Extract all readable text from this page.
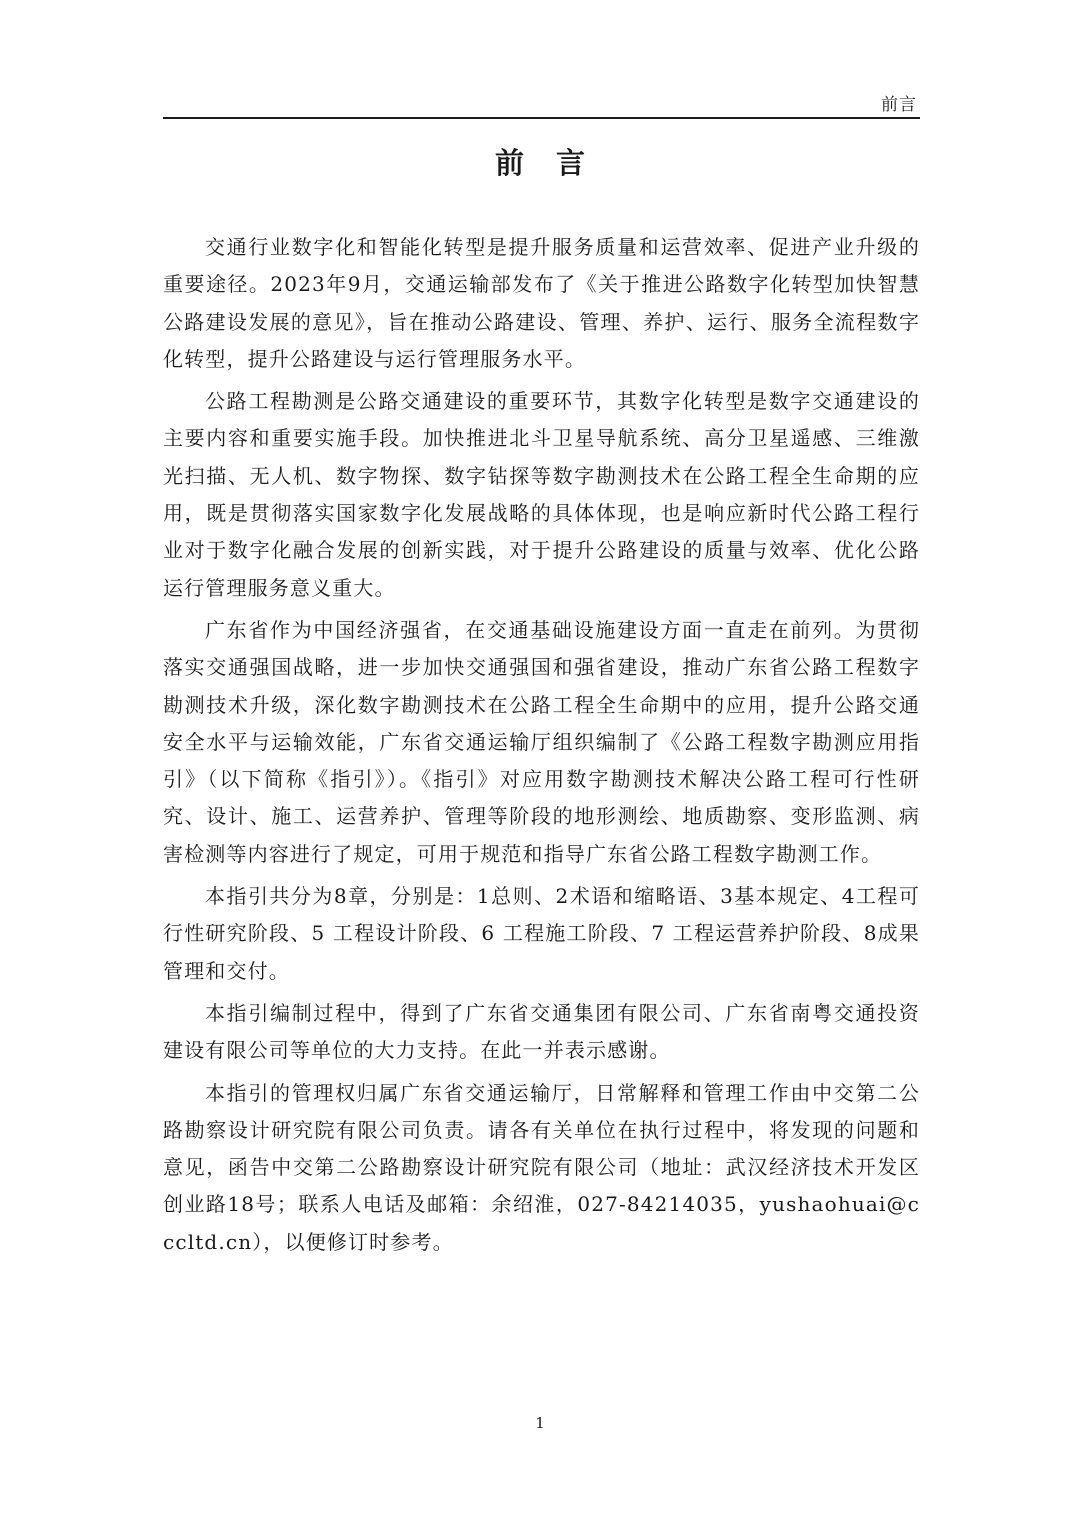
前言
前言

交通行业数字化和智能化转型是提升服务质量和运营效率、促进产业升级的重要途径。2023年9月，交通运输部发布了《关于推进公路数字化转型加快智慧公路建设发展的意见》，旨在推动公路建设、管理、养护、运行、服务全流程数字化转型，提升公路建设与运行管理服务水平。

公路工程勘测是公路交通建设的重要环节，其数字化转型是数字交通建设的主要内容和重要实施手段。加快推进北斗卫星导航系统、高分卫星遥感、三维激光扫描、无人机、数字物探、数字钻探等数字勘测技术在公路工程全生命期的应用，既是贯彻落实国家数字化发展战略的具体体现，也是响应新时代公路工程行业对于数字化融合发展的创新实践，对于提升公路建设的质量与效率、优化公路运行管理服务意义重大。

广东省作为中国经济强省，在交通基础设施建设方面一直走在前列。为贯彻落实交通强国战略，进一步加快交通强国和强省建设，推动广东省公路工程数字勘测技术升级，深化数字勘测技术在公路工程全生命期中的应用，提升公路交通安全水平与运输效能，广东省交通运输厅组织编制了《公路工程数字勘测应用指引》（以下简称《指引》）。《指引》对应用数字勘测技术解决公路工程可行性研究、设计、施工、运营养护、管理等阶段的地形测绘、地质勘察、变形监测、病害检测等内容进行了规定，可用于规范和指导广东省公路工程数字勘测工作。

本指引共分为8章，分别是：1总则、2术语和缩略语、3基本规定、4工程可行性研究阶段、5 工程设计阶段、6 工程施工阶段、7 工程运营养护阶段、8成果管理和交付。

本指引编制过程中，得到了广东省交通集团有限公司、广东省南粤交通投资建设有限公司等单位的大力支持。在此一并表示感谢。

本指引的管理权归属广东省交通运输厅，日常解释和管理工作由中交第二公路勘察设计研究院有限公司负责。请各有关单位在执行过程中，将发现的问题和意见，函告中交第二公路勘察设计研究院有限公司（地址：武汉经济技术开发区创业路18号；联系人电话及邮箱：余绍淮，027-84214035，yushaohuai@cccltd.cn），以便修订时参考。

1
